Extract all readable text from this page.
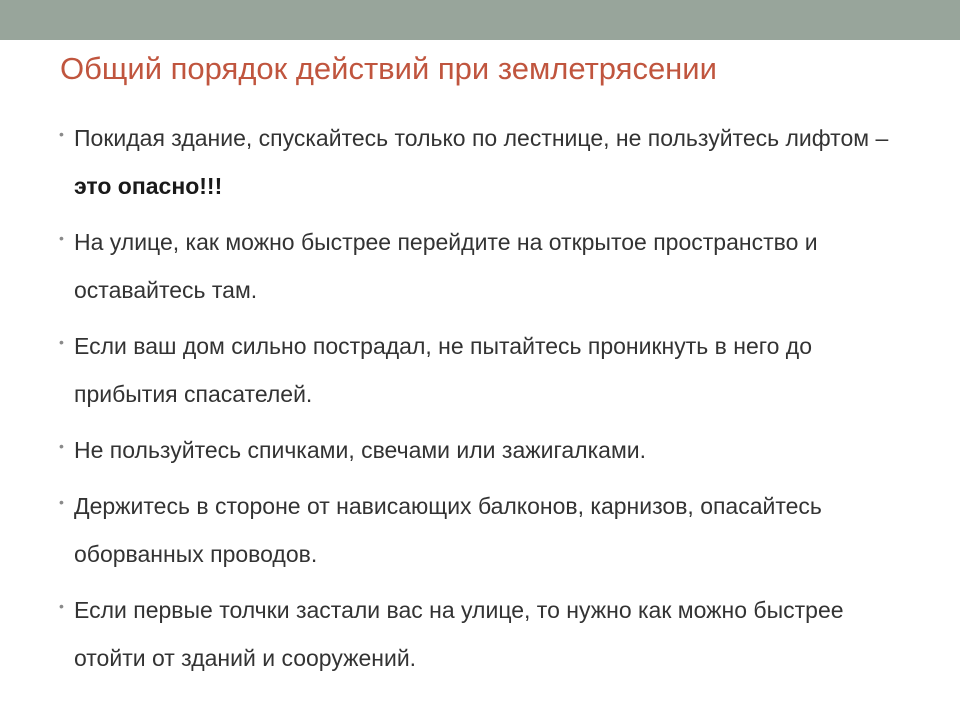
Общий порядок действий при землетрясении
• Покидая здание, спускайтесь только по лестнице, не пользуйтесь лифтом – это опасно!!!
• На улице, как можно быстрее перейдите на открытое пространство и оставайтесь там.
• Если ваш дом сильно пострадал, не пытайтесь проникнуть в него до прибытия спасателей.
• Не пользуйтесь спичками, свечами или зажигалками.
• Держитесь в стороне от нависающих балконов, карнизов, опасайтесь оборванных проводов.
• Если первые толчки застали вас на улице, то нужно как можно быстрее отойти от зданий и сооружений.
